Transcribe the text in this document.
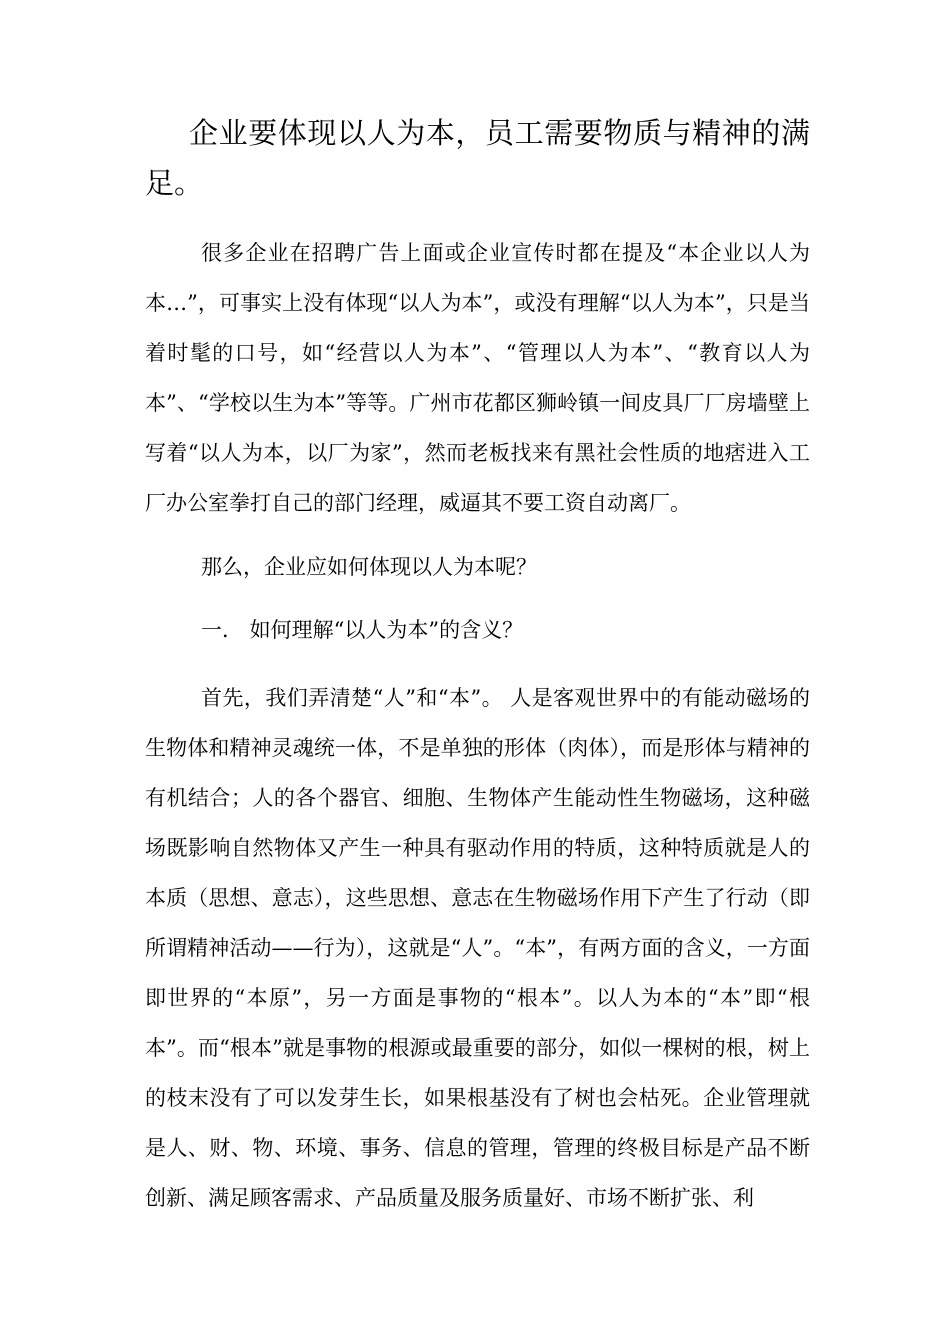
企业要体现以人为本，员工需要物质与精神的满足。

很多企业在招聘广告上面或企业宣传时都在提及“本企业以人为本…”，可事实上没有体现“以人为本”，或没有理解“以人为本”，只是当着时髦的口号，如“经营以人为本”、“管理以人为本”、“教育以人为本”、“学校以生为本”等等。广州市花都区狮岭镇一间皮具厂厂房墙壁上写着“以人为本，以厂为家”，然而老板找来有黑社会性质的地痞进入工厂办公室拳打自己的部门经理，威逼其不要工资自动离厂。

那么，企业应如何体现以人为本呢？

一． 如何理解“以人为本”的含义？

首先，我们弄清楚“人”和“本”。 人是客观世界中的有能动磁场的生物体和精神灵魂统一体，不是单独的形体（肉体），而是形体与精神的有机结合；人的各个器官、细胞、生物体产生能动性生物磁场，这种磁场既影响自然物体又产生一种具有驱动作用的特质，这种特质就是人的本质（思想、意志），这些思想、意志在生物磁场作用下产生了行动（即所谓精神活动——行为），这就是“人”。“本”，有两方面的含义，一方面即世界的“本原”，另一方面是事物的“根本”。以人为本的“本”即“根本”。而“根本”就是事物的根源或最重要的部分，如似一棵树的根，树上的枝末没有了可以发芽生长，如果根基没有了树也会枯死。企业管理就是人、财、物、环境、事务、信息的管理，管理的终极目标是产品不断创新、满足顾客需求、产品质量及服务质量好、市场不断扩张、利
